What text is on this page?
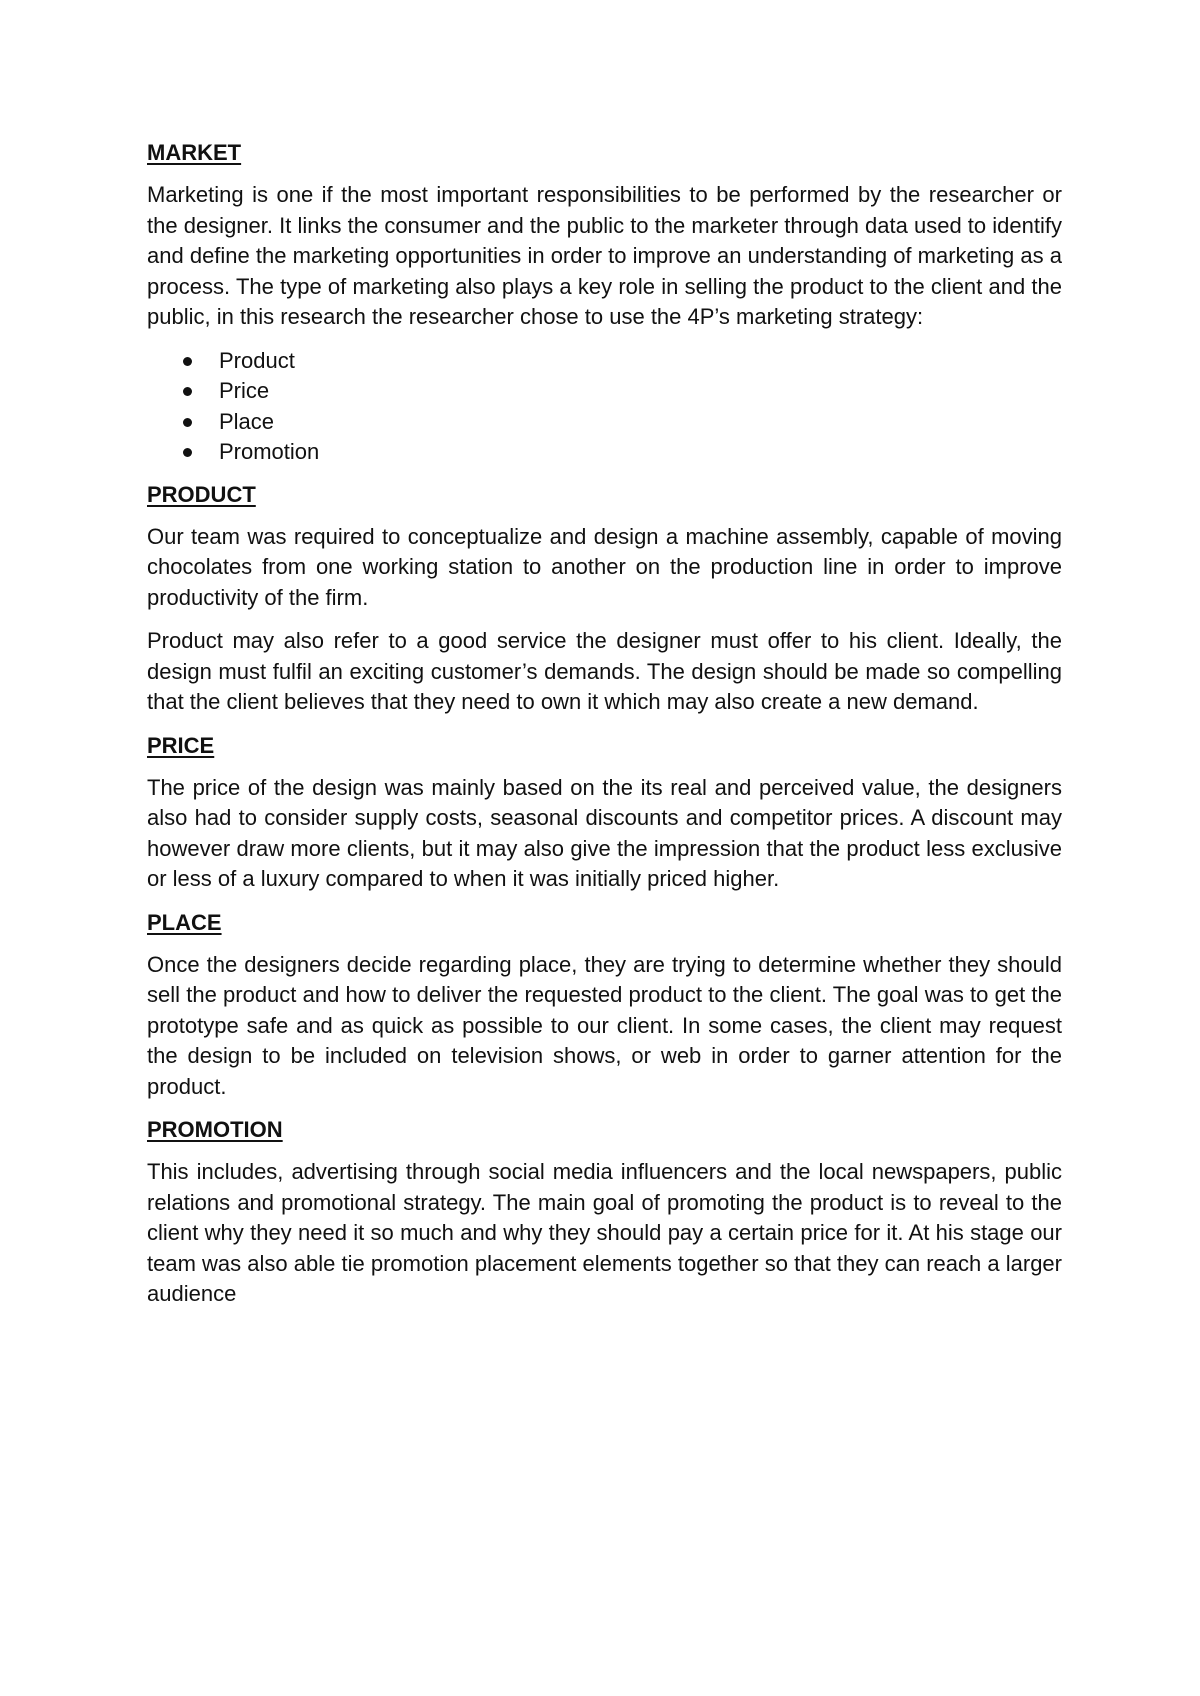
MARKET

Marketing is one if the most important responsibilities to be performed by the researcher or the designer. It links the consumer and the public to the marketer through data used to identify and define the marketing opportunities in order to improve an understanding of marketing as a process. The type of marketing also plays a key role in selling the product to the client and the public, in this research the researcher chose to use the 4P’s marketing strategy:

Product
Price
Place
Promotion
PRODUCT

Our team was required to conceptualize and design a machine assembly, capable of moving chocolates from one working station to another on the production line in order to improve productivity of the firm.

Product may also refer to a good service the designer must offer to his client. Ideally, the design must fulfil an exciting customer’s demands. The design should be made so compelling that the client believes that they need to own it which may also create a new demand.

PRICE

The price of the design was mainly based on the its real and perceived value, the designers also had to consider supply costs, seasonal discounts and competitor prices. A discount may however draw more clients, but it may also give the impression that the product less exclusive or less of a luxury compared to when it was initially priced higher.

PLACE

Once the designers decide regarding place, they are trying to determine whether they should sell the product and how to deliver the requested product to the client. The goal was to get the prototype safe and as quick as possible to our client. In some cases, the client may request the design to be included on television shows, or web in order to garner attention for the product.

PROMOTION

This includes, advertising through social media influencers and the local newspapers, public relations and promotional strategy. The main goal of promoting the product is to reveal to the client why they need it so much and why they should pay a certain price for it. At his stage our team was also able tie promotion placement elements together so that they can reach a larger audience
